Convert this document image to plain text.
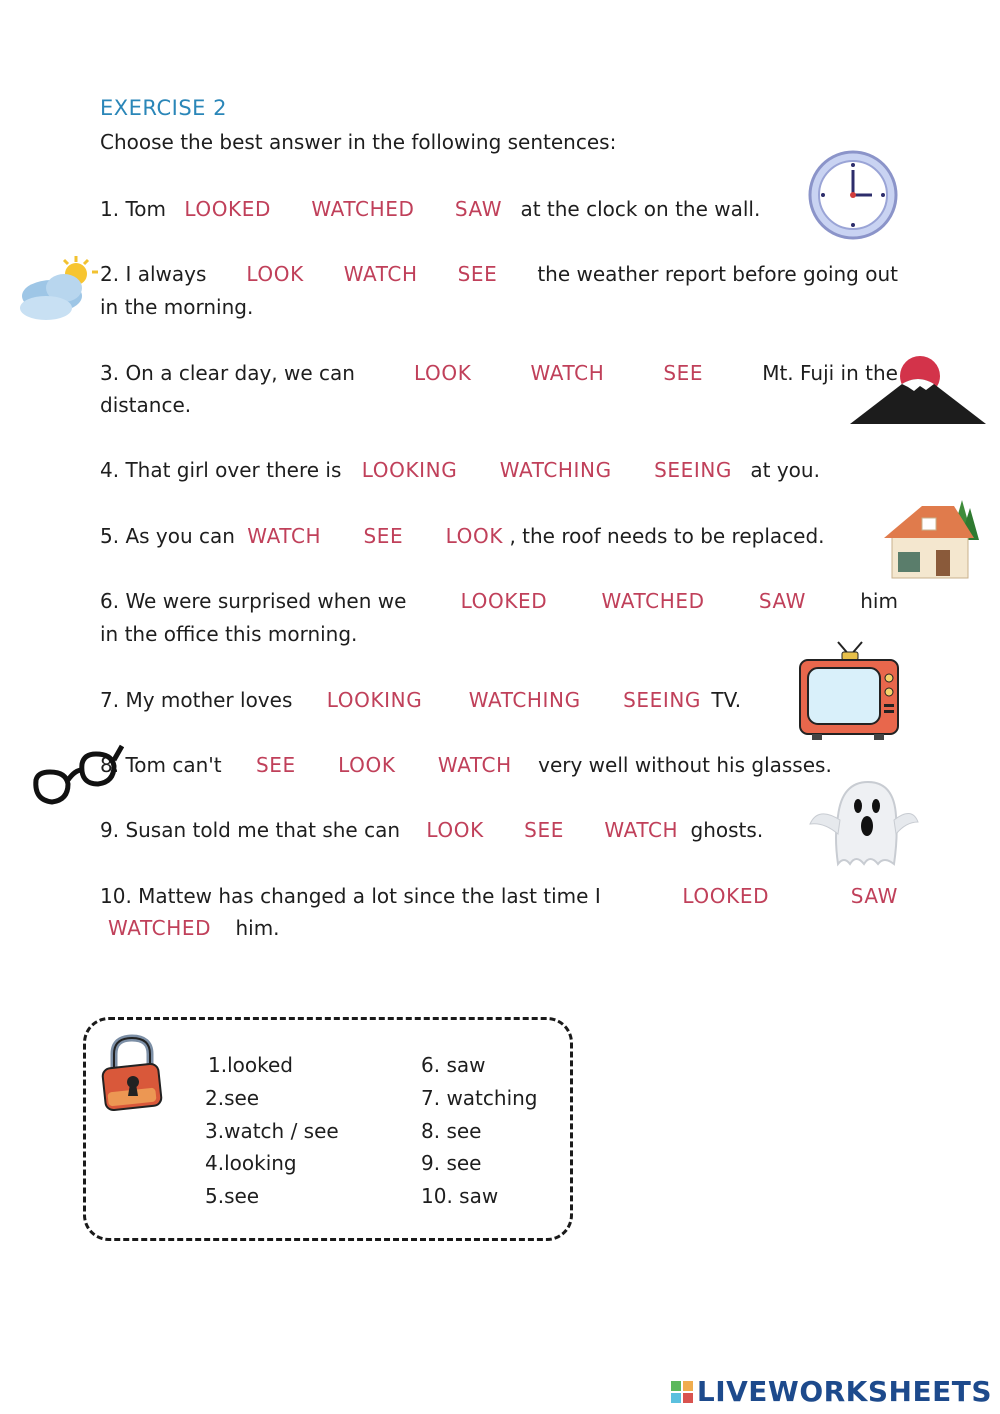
EXERCISE 2
Choose the best answer in the following sentences:
1. Tom LOOKED WATCHED SAW at the clock on the wall.
2. I always LOOK WATCH SEE the weather report before going out
in the morning.
3. On a clear day, we can	LOOK	WATCH	SEE	Mt. Fuji in the
distance.
4. That girl over there is LOOKING WATCHING SEEING at you.
5. As you can WATCH SEE LOOK , the roof needs to be replaced.
6. We were surprised when we	LOOKED	WATCHED	SAW	him
in the office this morning.
7. My mother loves LOOKING WATCHING SEEING TV.
8. Tom can't SEE LOOK WATCH very well without his glasses.
9. Susan told me that she can LOOK SEE WATCH ghosts.
10. Mattew has changed a lot since the last time I	LOOKED	SAW
WATCHED him.
1.looked
2.see
3.watch / see
4.looking
5.see
6. saw
7. watching
8. see
9. see
10. saw
LIVEWORKSHEETS
